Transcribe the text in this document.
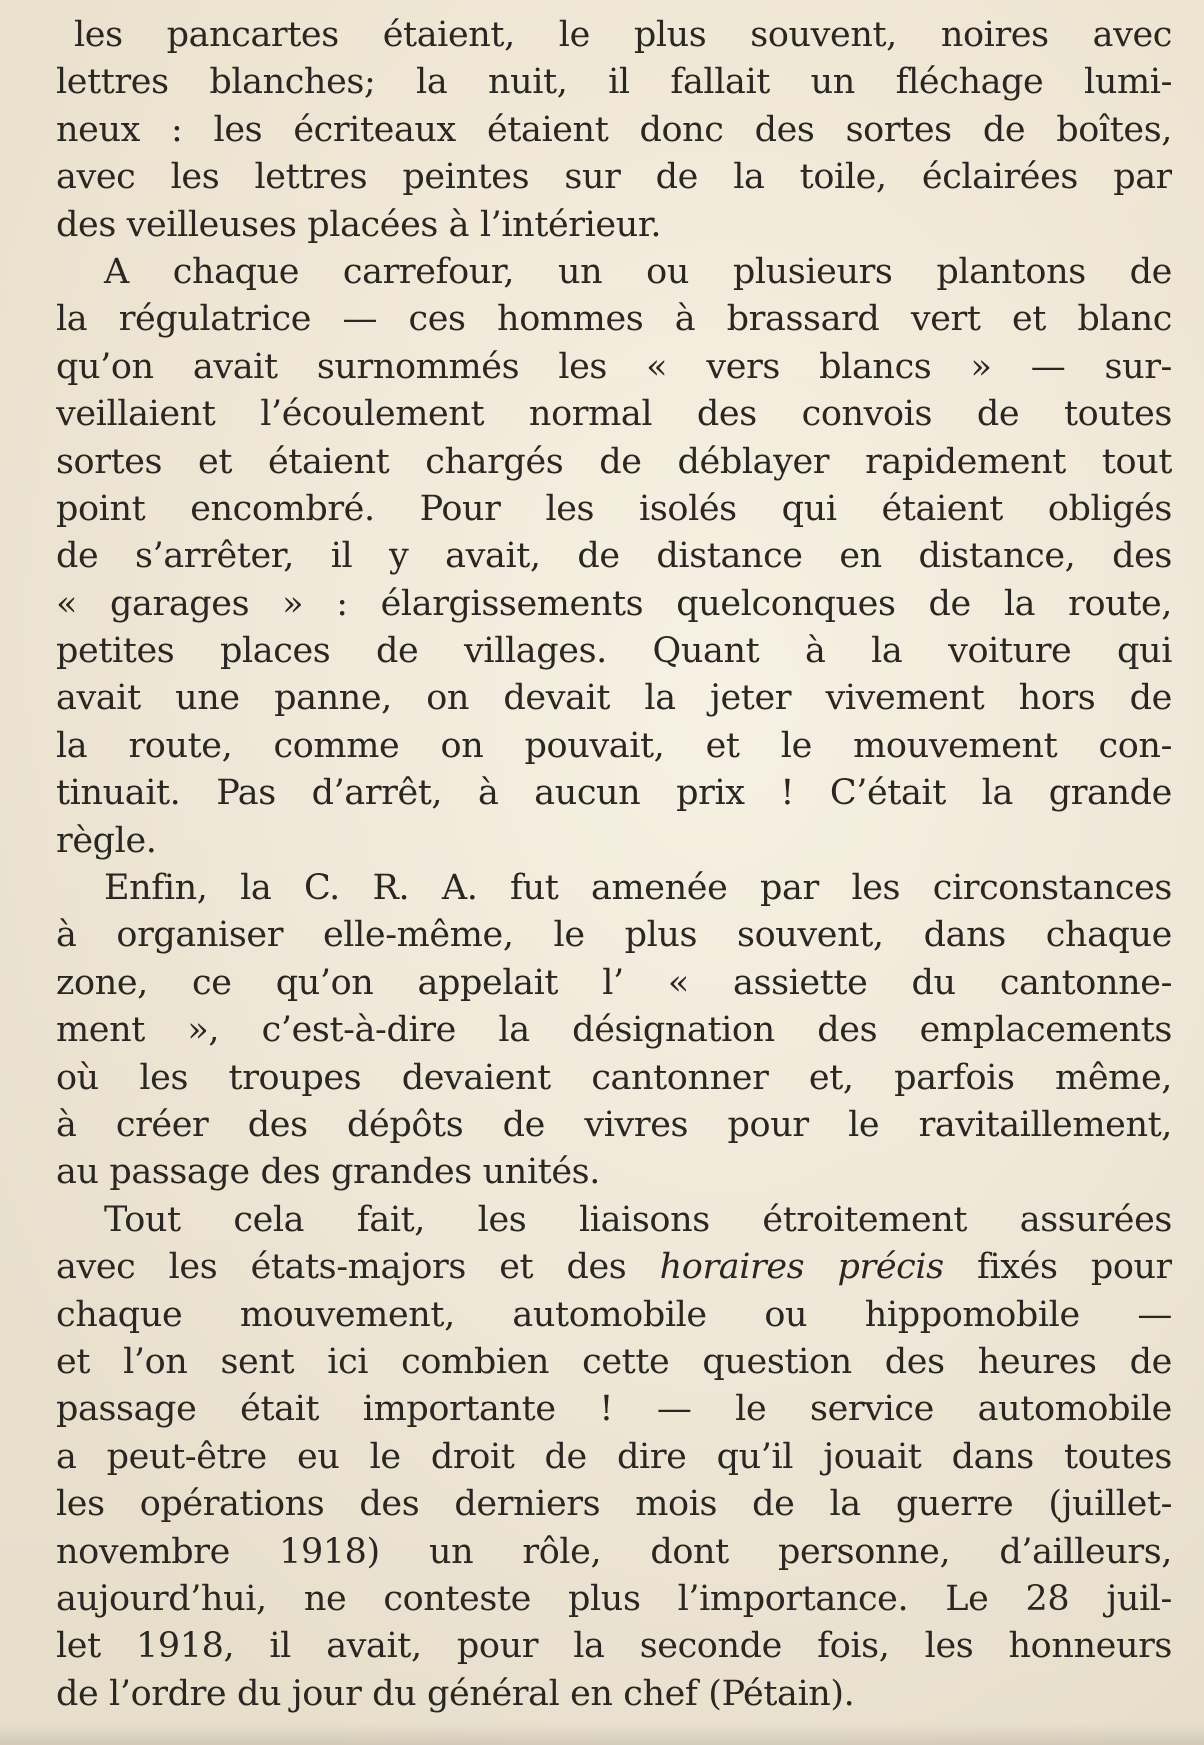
les pancartes étaient, le plus souvent, noires avec
lettres blanches; la nuit, il fallait un fléchage lumi-
neux : les écriteaux étaient donc des sortes de boîtes,
avec les lettres peintes sur de la toile, éclairées par
des veilleuses placées à l’intérieur.
A chaque carrefour, un ou plusieurs plantons de
la régulatrice — ces hommes à brassard vert et blanc
qu’on avait surnommés les « vers blancs » — sur-
veillaient l’écoulement normal des convois de toutes
sortes et étaient chargés de déblayer rapidement tout
point encombré. Pour les isolés qui étaient obligés
de s’arrêter, il y avait, de distance en distance, des
« garages » : élargissements quelconques de la route,
petites places de villages. Quant à la voiture qui
avait une panne, on devait la jeter vivement hors de
la route, comme on pouvait, et le mouvement con-
tinuait. Pas d’arrêt, à aucun prix ! C’était la grande
règle.
Enfin, la C. R. A. fut amenée par les circonstances
à organiser elle-même, le plus souvent, dans chaque
zone, ce qu’on appelait l’ « assiette du cantonne-
ment », c’est-à-dire la désignation des emplacements
où les troupes devaient cantonner et, parfois même,
à créer des dépôts de vivres pour le ravitaillement,
au passage des grandes unités.
Tout cela fait, les liaisons étroitement assurées
avec les états-majors et des horaires précis fixés pour
chaque mouvement, automobile ou hippomobile —
et l’on sent ici combien cette question des heures de
passage était importante ! — le service automobile
a peut-être eu le droit de dire qu’il jouait dans toutes
les opérations des derniers mois de la guerre (juillet-
novembre 1918) un rôle, dont personne, d’ailleurs,
aujourd’hui, ne conteste plus l’importance. Le 28 juil-
let 1918, il avait, pour la seconde fois, les honneurs
de l’ordre du jour du général en chef (Pétain).
